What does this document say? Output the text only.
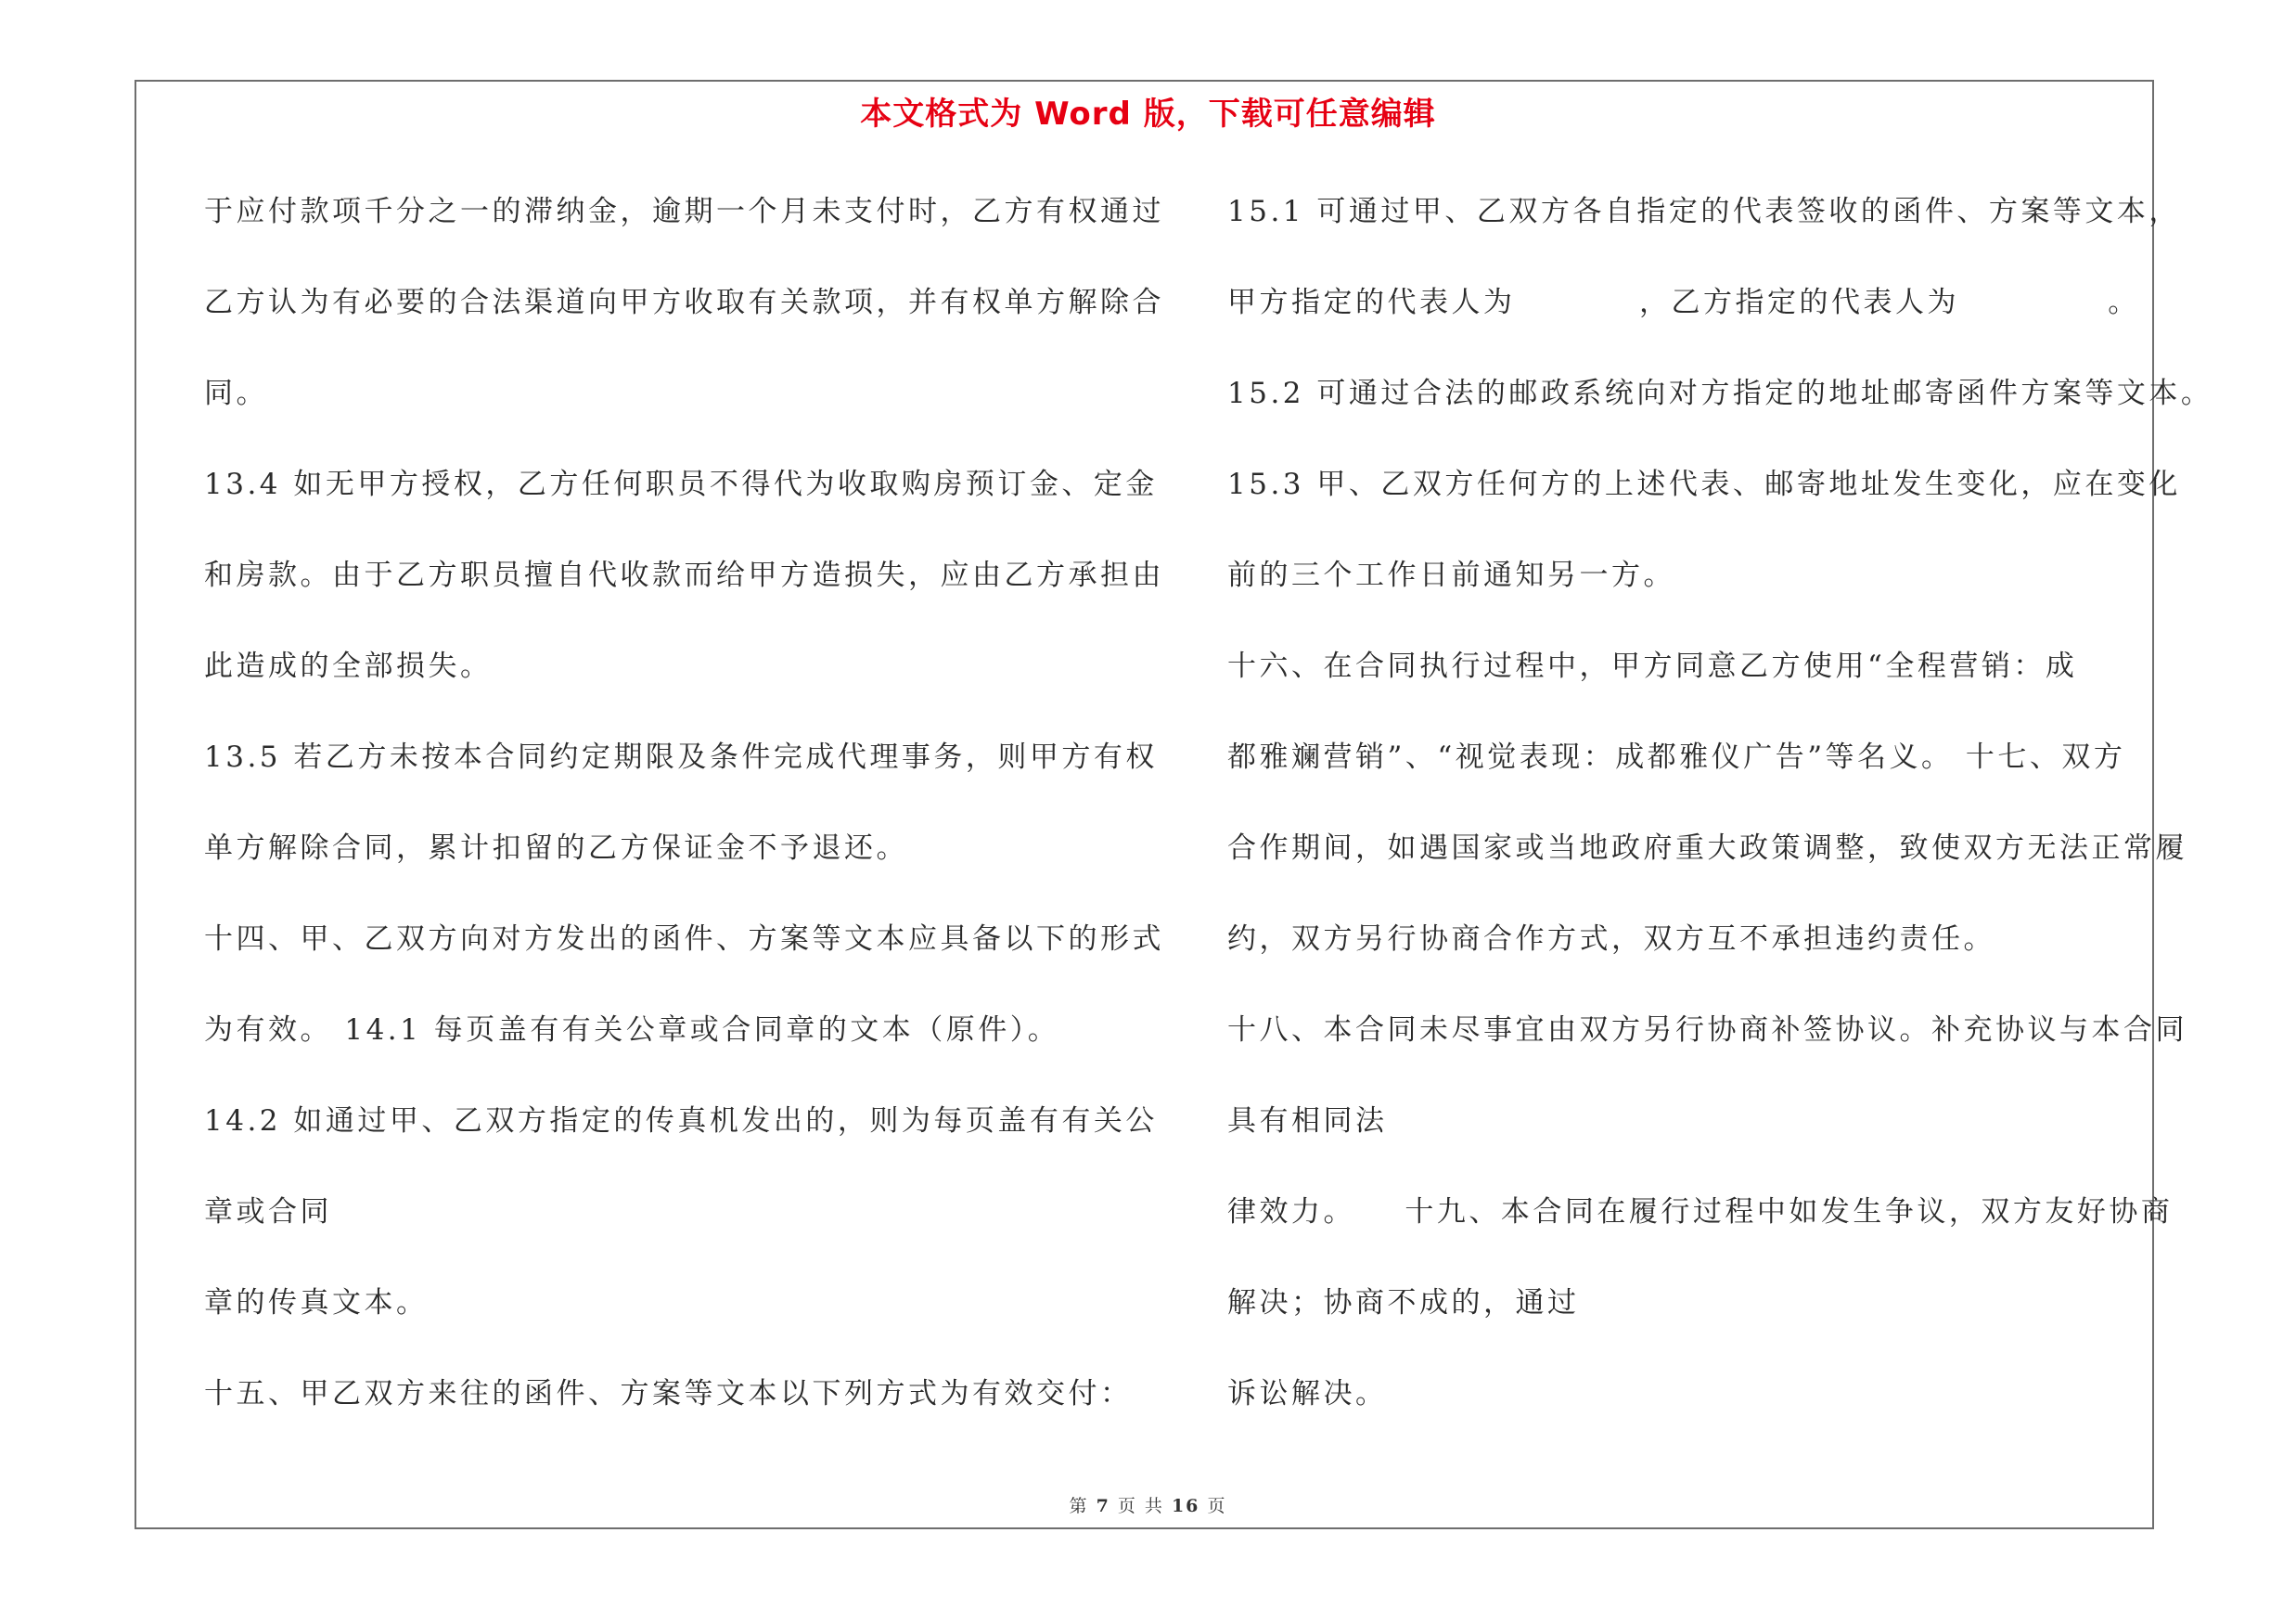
本文格式为 Word 版，下载可任意编辑
于应付款项千分之一的滞纳金，逾期一个月未支付时，乙方有权通过
乙方认为有必要的合法渠道向甲方收取有关款项，并有权单方解除合
同。
13.4 如无甲方授权，乙方任何职员不得代为收取购房预订金、定金
和房款。由于乙方职员擅自代收款而给甲方造损失，应由乙方承担由
此造成的全部损失。
13.5 若乙方未按本合同约定期限及条件完成代理事务，则甲方有权
单方解除合同，累计扣留的乙方保证金不予退还。
十四、甲、乙双方向对方发出的函件、方案等文本应具备以下的形式
为有效。 14.1 每页盖有有关公章或合同章的文本（原件）。
14.2 如通过甲、乙双方指定的传真机发出的，则为每页盖有有关公
章或合同
章的传真文本。
十五、甲乙双方来往的函件、方案等文本以下列方式为有效交付：
15.1 可通过甲、乙双方各自指定的代表签收的函件、方案等文本，
甲方指定的代表人为          ，乙方指定的代表人为            。
15.2 可通过合法的邮政系统向对方指定的地址邮寄函件方案等文本。
15.3 甲、乙双方任何方的上述代表、邮寄地址发生变化，应在变化
前的三个工作日前通知另一方。
十六、在合同执行过程中，甲方同意乙方使用“全程营销：成
都雅斓营销”、“视觉表现：成都雅仪广告”等名义。 十七、双方
合作期间，如遇国家或当地政府重大政策调整，致使双方无法正常履
约，双方另行协商合作方式，双方互不承担违约责任。
十八、本合同未尽事宜由双方另行协商补签协议。补充协议与本合同
具有相同法
律效力。    十九、本合同在履行过程中如发生争议，双方友好协商
解决；协商不成的，通过
诉讼解决。
第 7 页 共 16 页
